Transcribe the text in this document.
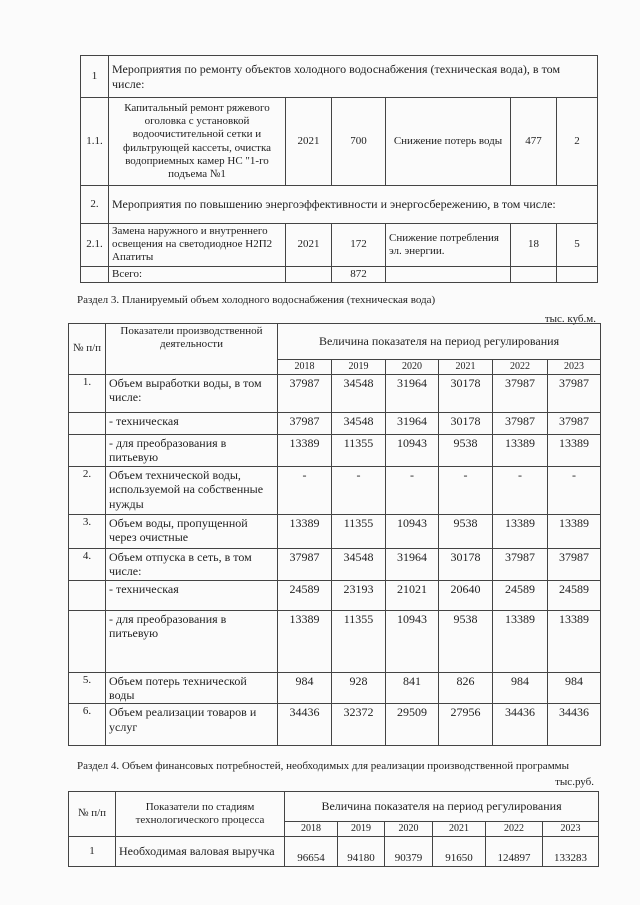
1	Мероприятия по ремонту объектов холодного водоснабжения (техническая вода), в том числе:					
1.1.	Капитальный ремонт ряжевого оголовка с установкой водоочистительной сетки и фильтрующей кассеты, очистка водоприемных камер НС "1-го подъема №1	2021	700	Снижение потерь воды	477	2
2.	Мероприятия по повышению энергоэффективности и энергосбережению, в том числе:					
2.1.	Замена наружного и внутреннего освещения на светодиодное Н2П2 Апатиты	2021	172	Снижение потребления эл. энергии.	18	5
	Всего:		872			
Раздел 3. Планируемый объем холодного водоснабжения (техническая вода)
тыс. куб.м.
№ п/п	Показатели производственной деятельности	Величина показателя на период регулирования					
		2018	2019	2020	2021	2022	2023
1.	Объем выработки воды, в том числе:	37987	34548	31964	30178	37987	37987
	- техническая	37987	34548	31964	30178	37987	37987
	- для преобразования в питьевую	13389	11355	10943	9538	13389	13389
2.	Объем технической воды, используемой на собственные нужды	-	-	-	-	-	-
3.	Объем воды, пропущенной через очистные	13389	11355	10943	9538	13389	13389
4.	Объем отпуска в сеть, в том числе:	37987	34548	31964	30178	37987	37987
	- техническая	24589	23193	21021	20640	24589	24589
	- для преобразования в питьевую	13389	11355	10943	9538	13389	13389
5.	Объем потерь технической воды	984	928	841	826	984	984
6.	Объем реализации товаров и услуг	34436	32372	29509	27956	34436	34436
Раздел 4. Объем финансовых потребностей, необходимых для реализации производственной программы
тыс.руб.
№ п/п	Показатели по стадиям технологического процесса	Величина показателя на период регулирования					
		2018	2019	2020	2021	2022	2023
1	Необходимая валовая выручка	96654	94180	90379	91650	124897	133283
